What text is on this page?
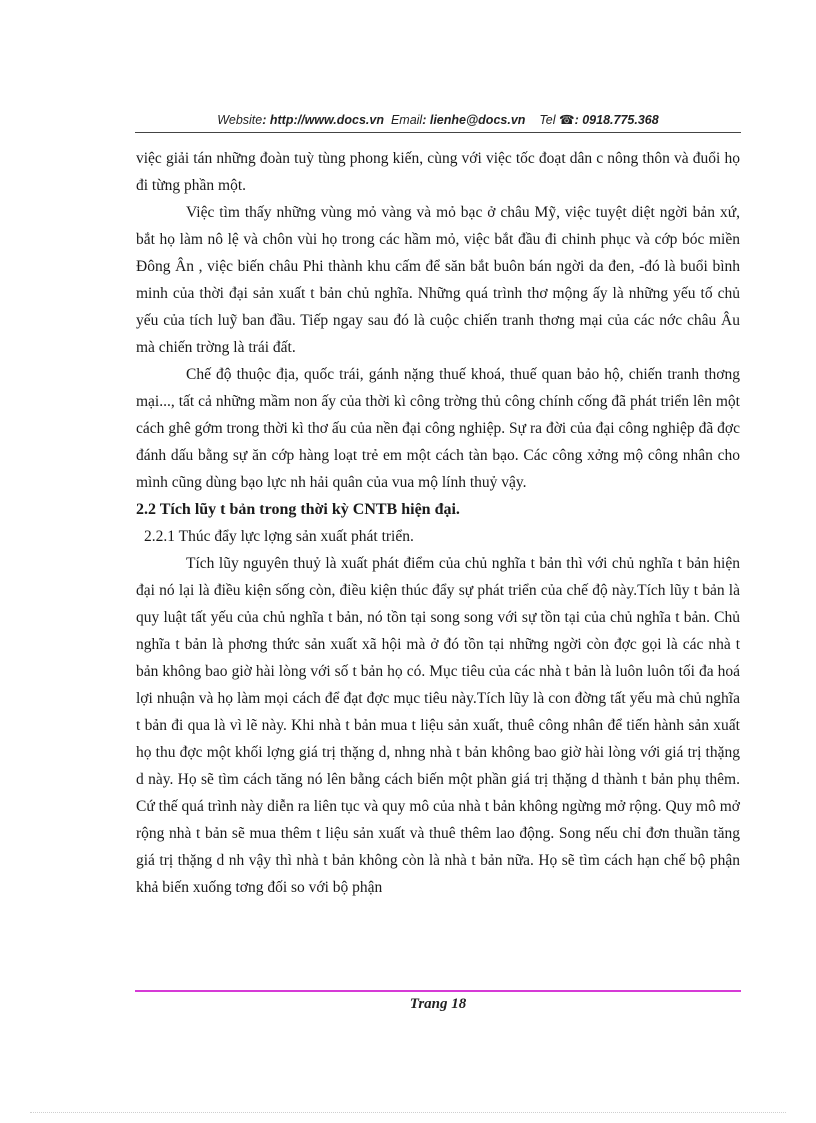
Website: http://www.docs.vn Email: lienhe@docs.vn Tel ☎: 0918.775.368

việc giải tán những đoàn tuỳ tùng phong kiến, cùng với việc tốc đoạt dân c nông thôn và đuổi họ đi từng phần một.

Việc tìm thấy những vùng mỏ vàng và mỏ bạc ở châu Mỹ, việc tuyệt diệt ngời bản xứ, bắt họ làm nô lệ và chôn vùi họ trong các hầm mỏ, việc bắt đầu đi chinh phục và cớp bóc miền Đông Ân , việc biến châu Phi thành khu cấm để săn bắt buôn bán ngời da đen, -đó là buổi bình minh của thời đại sản xuất t bản chủ nghĩa. Những quá trình thơ mộng ấy là những yếu tố chủ yếu của tích luỹ ban đầu. Tiếp ngay sau đó là cuộc chiến tranh thơng mại của các nớc châu Âu mà chiến trờng là trái đất.

Chế độ thuộc địa, quốc trái, gánh nặng thuế khoá, thuế quan bảo hộ, chiến tranh thơng mại..., tất cả những mầm non ấy của thời kì công trờng thủ công chính cống đã phát triển lên một cách ghê gớm trong thời kì thơ ấu của nền đại công nghiệp. Sự ra đời của đại công nghiệp đã đợc đánh dấu bằng sự ăn cớp hàng loạt trẻ em một cách tàn bạo. Các công xởng mộ công nhân cho mình cũng dùng bạo lực nh hải quân của vua mộ lính thuỷ vậy.

2.2 Tích lũy t bản trong thời kỳ CNTB hiện đại.

2.2.1 Thúc đẩy lực lợng sản xuất phát triển.

Tích lũy nguyên thuỷ là xuất phát điểm của chủ nghĩa t bản thì với chủ nghĩa t bản hiện đại nó lại là điều kiện sống còn, điều kiện thúc đẩy sự phát triển của chế độ này.Tích lũy t bản là quy luật tất yếu của chủ nghĩa t bản, nó tồn tại song song với sự tồn tại của chủ nghĩa t bản. Chủ nghĩa t bản là phơng thức sản xuất xã hội mà ở đó tồn tại những ngời còn đợc gọi là các nhà t bản không bao giờ hài lòng với số t bản họ có. Mục tiêu của các nhà t bản là luôn luôn tối đa hoá lợi nhuận và họ làm mọi cách để đạt đợc mục tiêu này.Tích lũy là con đờng tất yếu mà chủ nghĩa t bản đi qua là vì lẽ này. Khi nhà t bản mua t liệu sản xuất, thuê công nhân để tiến hành sản xuất họ thu đợc một khối lợng giá trị thặng d, nhng nhà t bản không bao giờ hài lòng với giá trị thặng d này. Họ sẽ tìm cách tăng nó lên bằng cách biến một phần giá trị thặng d thành t bản phụ thêm. Cứ thế quá trình này diễn ra liên tục và quy mô của nhà t bản không ngừng mở rộng. Quy mô mở rộng nhà t bản sẽ mua thêm t liệu sản xuất và thuê thêm lao động. Song nếu chỉ đơn thuần tăng giá trị thặng d nh vậy thì nhà t bản không còn là nhà t bản nữa. Họ sẽ tìm cách hạn chế bộ phận khả biến xuống tơng đối so với bộ phận

Trang 18
